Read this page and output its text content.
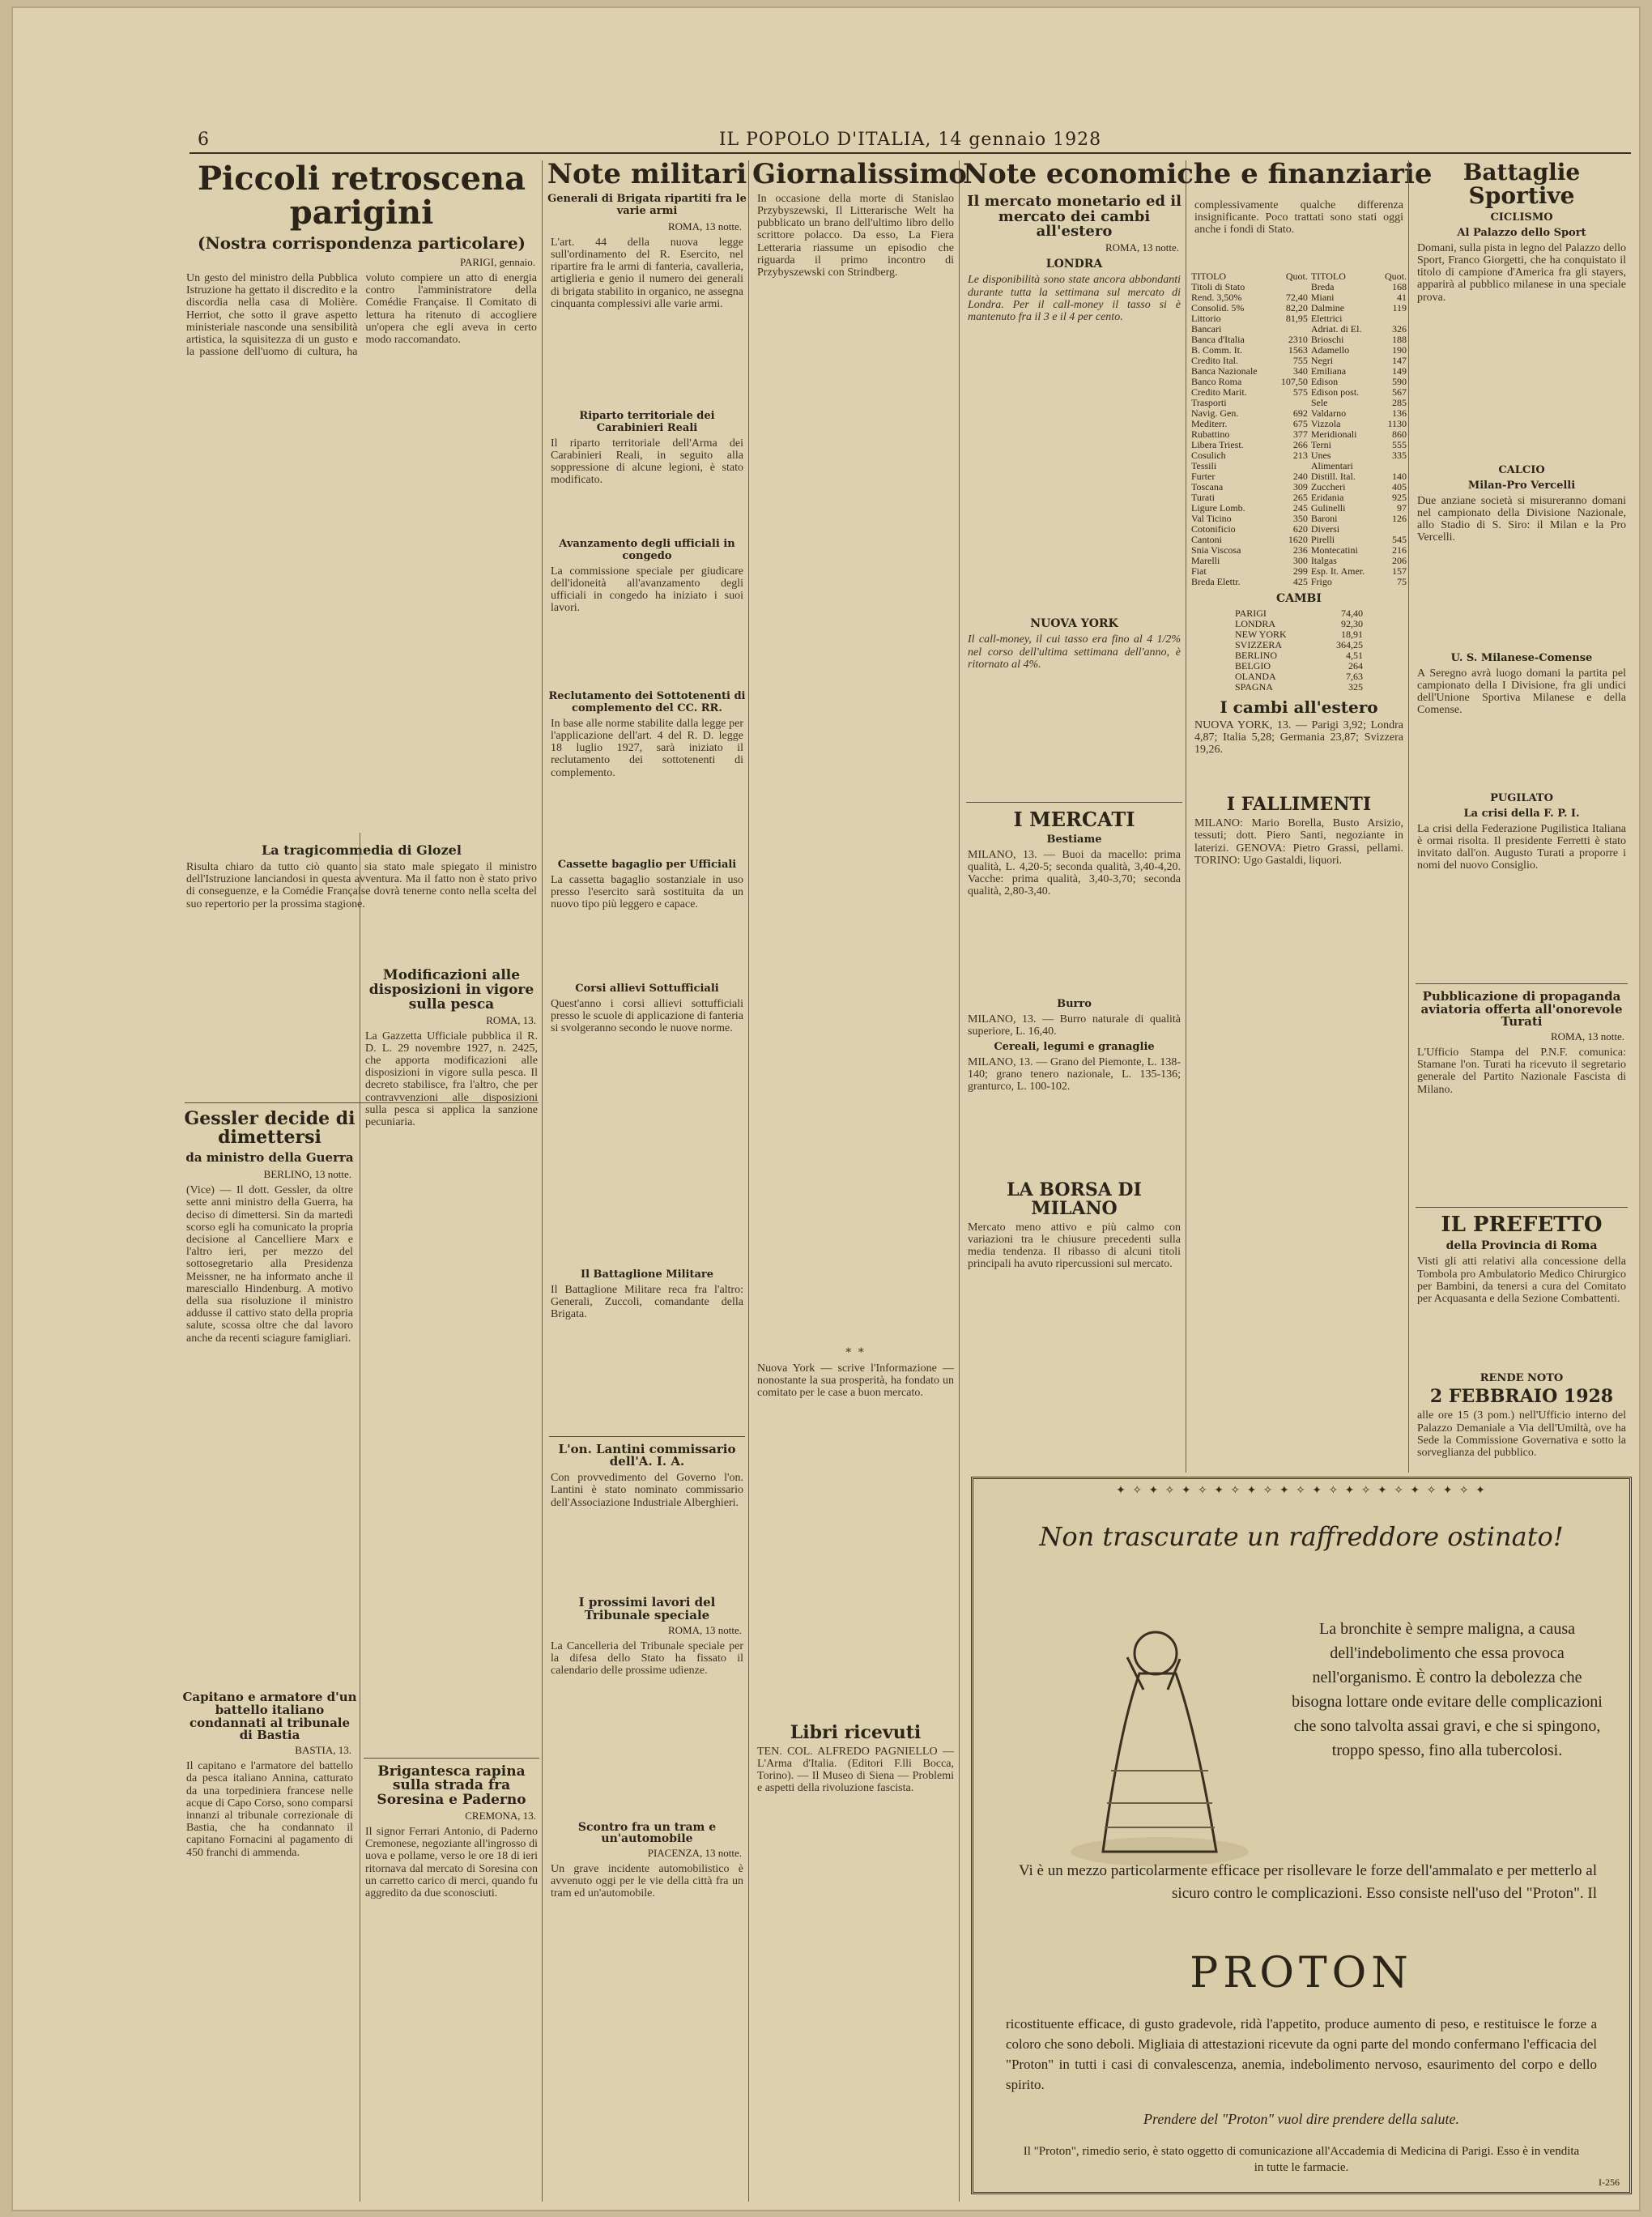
6	IL POPOLO D'ITALIA, 14 gennaio 1928
Piccoli retroscena parigini
(Nostra corrispondenza particolare)
PARIGI, gennaio.
Un gesto del ministro della Pubblica Istruzione ha gettato il discredito e la discordia nella casa di Molière. Herriot, che sotto il grave aspetto ministeriale nasconde una sensibilità artistica, la squisitezza di un gusto e la passione dell'uomo di cultura, ha voluto compiere un atto di energia contro l'amministratore della Comédie Française. Il Comitato di lettura ha ritenuto di accogliere un'opera che egli aveva in certo modo raccomandato.
La tragicommedia di Glozel
Risulta chiaro da tutto ciò quanto sia stato male spiegato il ministro dell'Istruzione lanciandosi in questa avventura. Ma il fatto non è stato privo di conseguenze, e la Comédie Française dovrà tenerne conto nella scelta del suo repertorio per la prossima stagione.
Gessler decide di dimettersi
da ministro della Guerra
BERLINO, 13 notte.
(Vice) — Il dott. Gessler, da oltre sette anni ministro della Guerra, ha deciso di dimettersi. Sin da martedì scorso egli ha comunicato la propria decisione al Cancelliere Marx e l'altro ieri, per mezzo del sottosegretario alla Presidenza Meissner, ne ha informato anche il maresciallo Hindenburg. A motivo della sua risoluzione il ministro addusse il cattivo stato della propria salute, scossa oltre che dal lavoro anche da recenti sciagure famigliari.
Capitano e armatore d'un battello italiano condannati al tribunale di Bastia
BASTIA, 13.
Il capitano e l'armatore del battello da pesca italiano Annina, catturato da una torpediniera francese nelle acque di Capo Corso, sono comparsi innanzi al tribunale correzionale di Bastia, che ha condannato il capitano Fornacini al pagamento di 450 franchi di ammenda.
Modificazioni alle disposizioni in vigore sulla pesca
ROMA, 13.
La Gazzetta Ufficiale pubblica il R. D. L. 29 novembre 1927, n. 2425, che apporta modificazioni alle disposizioni in vigore sulla pesca. Il decreto stabilisce, fra l'altro, che per contravvenzioni alle disposizioni sulla pesca si applica la sanzione pecuniaria.
Brigantesca rapina sulla strada fra Soresina e Paderno
CREMONA, 13.
Il signor Ferrari Antonio, di Paderno Cremonese, negoziante all'ingrosso di uova e pollame, verso le ore 18 di ieri ritornava dal mercato di Soresina con un carretto carico di merci, quando fu aggredito da due sconosciuti.
Note militari
Generali di Brigata ripartiti fra le varie armi
ROMA, 13 notte.
L'art. 44 della nuova legge sull'ordinamento del R. Esercito, nel ripartire fra le armi di fanteria, cavalleria, artiglieria e genio il numero dei generali di brigata stabilito in organico, ne assegna cinquanta complessivi alle varie armi.
Riparto territoriale dei Carabinieri Reali
Il riparto territoriale dell'Arma dei Carabinieri Reali, in seguito alla soppressione di alcune legioni, è stato modificato.
Avanzamento degli ufficiali in congedo
La commissione speciale per giudicare dell'idoneità all'avanzamento degli ufficiali in congedo ha iniziato i suoi lavori.
Reclutamento dei Sottotenenti di complemento del CC. RR.
In base alle norme stabilite dalla legge per l'applicazione dell'art. 4 del R. D. legge 18 luglio 1927, sarà iniziato il reclutamento dei sottotenenti di complemento.
Cassette bagaglio per Ufficiali
La cassetta bagaglio sostanziale in uso presso l'esercito sarà sostituita da un nuovo tipo più leggero e capace.
Corsi allievi Sottufficiali
Quest'anno i corsi allievi sottufficiali presso le scuole di applicazione di fanteria si svolgeranno secondo le nuove norme.
Il Battaglione Militare
Il Battaglione Militare reca fra l'altro: Generali, Zuccoli, comandante della Brigata.
L'on. Lantini commissario dell'A. I. A.
Con provvedimento del Governo l'on. Lantini è stato nominato commissario dell'Associazione Industriale Alberghieri.
I prossimi lavori del Tribunale speciale
ROMA, 13 notte.
La Cancelleria del Tribunale speciale per la difesa dello Stato ha fissato il calendario delle prossime udienze.
Scontro fra un tram e un'automobile
PIACENZA, 13 notte.
Un grave incidente automobilistico è avvenuto oggi per le vie della città fra un tram ed un'automobile.
Giornalissimo
In occasione della morte di Stanislao Przybyszewski, Il Litterarische Welt ha pubblicato un brano dell'ultimo libro dello scrittore polacco. Da esso, La Fiera Letteraria riassume un episodio che riguarda il primo incontro di Przybyszewski con Strindberg.
* *
Nuova York — scrive l'Informazione — nonostante la sua prosperità, ha fondato un comitato per le case a buon mercato.
Libri ricevuti
TEN. COL. ALFREDO PAGNIELLO — L'Arma d'Italia. (Editori F.lli Bocca, Torino). — Il Museo di Siena — Problemi e aspetti della rivoluzione fascista.
Note economiche e finanziarie
Il mercato monetario ed il mercato dei cambi all'estero
ROMA, 13 notte.
LONDRA
Le disponibilità sono state ancora abbondanti durante tutta la settimana sul mercato di Londra. Per il call-money il tasso si è mantenuto fra il 3 e il 4 per cento.
NUOVA YORK
Il call-money, il cui tasso era fino al 4 1/2% nel corso dell'ultima settimana dell'anno, è ritornato al 4%.
I MERCATI
Bestiame
MILANO, 13. — Buoi da macello: prima qualità, L. 4,20-5; seconda qualità, 3,40-4,20. Vacche: prima qualità, 3,40-3,70; seconda qualità, 2,80-3,40.
Burro
MILANO, 13. — Burro naturale di qualità superiore, L. 16,40.
Cereali, legumi e granaglie
MILANO, 13. — Grano del Piemonte, L. 138-140; grano tenero nazionale, L. 135-136; granturco, L. 100-102.
LA BORSA DI MILANO
Mercato meno attivo e più calmo con variazioni tra le chiusure precedenti sulla media tendenza. Il ribasso di alcuni titoli principali ha avuto ripercussioni sul mercato.
complessivamente qualche differenza insignificante. Poco trattati sono stati oggi anche i fondi di Stato.
TITOLO	Quot.	TITOLO	Quot.
Titoli di Stato		Breda	168
Rend. 3,50%	72,40	Miani	41
Consolid. 5%	82,20	Dalmine	119
Littorio	81,95	Elettrici	
Bancari		Adriat. di El.	326
Banca d'Italia	2310	Brioschi	188
B. Comm. It.	1563	Adamello	190
Credito Ital.	755	Negri	147
Banca Nazionale	340	Emiliana	149
Banco Roma	107,50	Edison	590
Credito Marit.	575	Edison post.	567
Trasporti		Sele	285
Navig. Gen.	692	Valdarno	136
Mediterr.	675	Vizzola	1130
Rubattino	377	Meridionali	860
Libera Triest.	266	Terni	555
Cosulich	213	Unes	335
Tessili		Alimentari	
Furter	240	Distill. Ital.	140
Toscana	309	Zuccheri	405
Turati	265	Eridania	925
Ligure Lomb.	245	Gulinelli	97
Val Ticino	350	Baroni	126
Cotonificio	620	Diversi	
Cantoni	1620	Pirelli	545
Snia Viscosa	236	Montecatini	216
Marelli	300	Italgas	206
Fiat	299	Esp. It. Amer.	157
Breda Elettr.	425	Frigo	75
CAMBI
PARIGI	74,40
LONDRA	92,30
NEW YORK	18,91
SVIZZERA	364,25
BERLINO	4,51
BELGIO	264
OLANDA	7,63
SPAGNA	325
I cambi all'estero
NUOVA YORK, 13. — Parigi 3,92; Londra 4,87; Italia 5,28; Germania 23,87; Svizzera 19,26.
I FALLIMENTI
MILANO: Mario Borella, Busto Arsizio, tessuti; dott. Piero Santi, negoziante in laterizi. GENOVA: Pietro Grassi, pellami. TORINO: Ugo Gastaldi, liquori.
Battaglie Sportive
CICLISMO
Al Palazzo dello Sport
Domani, sulla pista in legno del Palazzo dello Sport, Franco Giorgetti, che ha conquistato il titolo di campione d'America fra gli stayers, apparirà al pubblico milanese in una speciale prova.
CALCIO
Milan-Pro Vercelli
Due anziane società si misureranno domani nel campionato della Divisione Nazionale, allo Stadio di S. Siro: il Milan e la Pro Vercelli.
U. S. Milanese-Comense
A Seregno avrà luogo domani la partita pel campionato della I Divisione, fra gli undici dell'Unione Sportiva Milanese e della Comense.
PUGILATO
La crisi della F. P. I.
La crisi della Federazione Pugilistica Italiana è ormai risolta. Il presidente Ferretti è stato invitato dall'on. Augusto Turati a proporre i nomi del nuovo Consiglio.
Pubblicazione di propaganda aviatoria offerta all'onorevole Turati
ROMA, 13 notte.
L'Ufficio Stampa del P.N.F. comunica: Stamane l'on. Turati ha ricevuto il segretario generale del Partito Nazionale Fascista di Milano.
IL PREFETTO
della Provincia di Roma
Visti gli atti relativi alla concessione della Tombola pro Ambulatorio Medico Chirurgico per Bambini, da tenersi a cura del Comitato per Acquasanta e della Sezione Combattenti.
RENDE NOTO
2 FEBBRAIO 1928
alle ore 15 (3 pom.) nell'Ufficio interno del Palazzo Demaniale a Via dell'Umiltà, ove ha Sede la Commissione Governativa e sotto la sorveglianza del pubblico.
✦ ✧ ✦ ✧ ✦ ✧ ✦ ✧ ✦ ✧ ✦ ✧ ✦ ✧ ✦ ✧ ✦ ✧ ✦ ✧ ✦ ✧ ✦
Non trascurate un raffreddore ostinato!
La bronchite è sempre maligna, a causa dell'indebolimento che essa provoca nell'organismo. È contro la debolezza che bisogna lottare onde evitare delle complicazioni che sono talvolta assai gravi, e che si spingono, troppo spesso, fino alla tubercolosi.
Vi è un mezzo particolarmente efficace per risollevare le forze dell'ammalato e per metterlo al sicuro contro le complicazioni. Esso consiste nell'uso del "Proton". Il
PROTON
ricostituente efficace, di gusto gradevole, ridà l'appetito, produce aumento di peso, e restituisce le forze a coloro che sono deboli. Migliaia di attestazioni ricevute da ogni parte del mondo confermano l'efficacia del "Proton" in tutti i casi di convalescenza, anemia, indebolimento nervoso, esaurimento del corpo e dello spirito.
Prendere del "Proton" vuol dire prendere della salute.
Il "Proton", rimedio serio, è stato oggetto di comunicazione all'Accademia di Medicina di Parigi. Esso è in vendita in tutte le farmacie.
I-256
